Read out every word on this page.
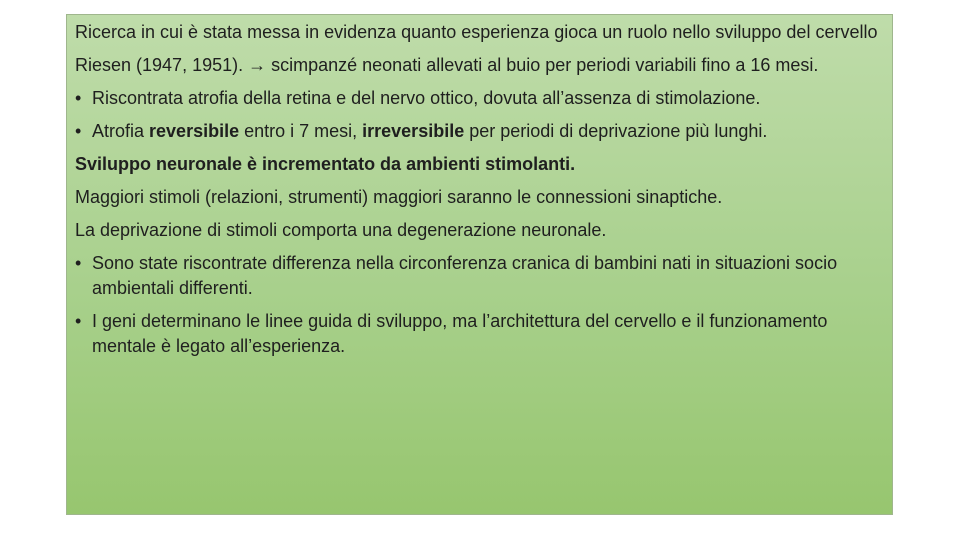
Ricerca in cui è stata messa in evidenza quanto esperienza gioca un ruolo nello sviluppo del cervello

Riesen (1947, 1951). → scimpanzé neonati allevati al buio per periodi variabili fino a 16 mesi.

• Riscontrata atrofia della retina e del nervo ottico, dovuta all’assenza di stimolazione.
• Atrofia reversibile entro i 7 mesi, irreversibile per periodi di deprivazione più lunghi.

Sviluppo neuronale è incrementato da ambienti stimolanti.

Maggiori stimoli (relazioni, strumenti) maggiori saranno le connessioni sinaptiche.

La deprivazione di stimoli comporta una degenerazione neuronale.

• Sono state riscontrate differenza nella circonferenza cranica di bambini nati in situazioni socio ambientali differenti.
• I geni determinano le linee guida di sviluppo, ma l’architettura del cervello e il funzionamento mentale è legato all’esperienza.
